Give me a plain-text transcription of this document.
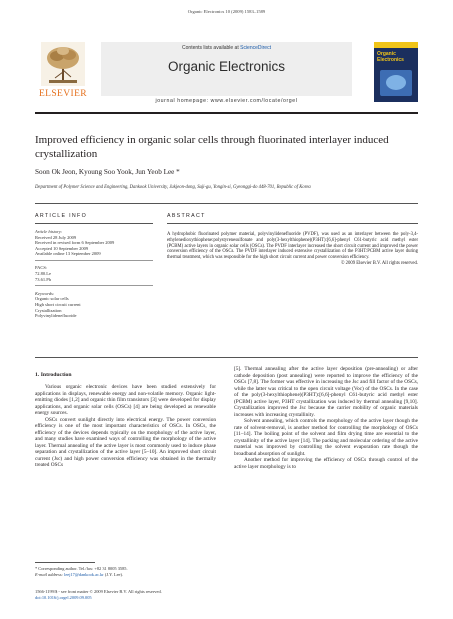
Organic Electronics 10 (2009) 1583–1589
ELSEVIER
Contents lists available at ScienceDirect
Organic Electronics
journal homepage: www.elsevier.com/locate/orgel
Organic Electronics
Improved efficiency in organic solar cells through fluorinated interlayer induced crystallization
Soon Ok Jeon, Kyoung Soo Yook, Jun Yeob Lee *
Department of Polymer Science and Engineering, Dankook University, Jukjeon-dong, Suji-gu, Yongin-si, Gyeonggi-do 448-701, Republic of Korea
ARTICLE INFO	ABSTRACT
Article history:
Received 28 July 2009
Received in revised form 6 September 2009
Accepted 10 September 2009
Available online 13 September 2009
PACS:
72.80.Le
73.61.Ph
Keywords:
Organic solar cells
High short circuit current
Crystallization
Polyvinylidenefluoride

A hydrophobic fluorinated polymer material, polyvinylidenefluoride (PVDF), was used as an interlayer between the poly-3,4-ethylenedioxythiophene:polystyrenesulfonate and poly(3-hexylthiophene)(P3HT):[6,6]-phenyl C61-butyric acid methyl ester (PCBM) active layers in organic solar cells (OSCs). The PVDF interlayer increased the short circuit current and improved the power conversion efficiency of the OSCs. The PVDF interlayer induced extensive crystallization of the P3HT:PCBM active layer during thermal treatment, which was responsible for the high short circuit current and power conversion efficiency.

© 2009 Elsevier B.V. All rights reserved.

1. Introduction

Various organic electronic devices have been studied extensively for applications in displays, renewable energy and non-volatile memory. Organic light-emitting diodes [1,2] and organic thin film transistors [3] were developed for display applications, and organic solar cells (OSCs) [4] are being developed as renewable energy sources.

OSCs convert sunlight directly into electrical energy. The power conversion efficiency is one of the most important characteristics of OSCs. In OSCs, the efficiency of the devices depends typically on the morphology of the active layer, and many studies have examined ways of controlling the morphology of the active layer. Thermal annealing of the active layer is most commonly used to induce phase separation and crystallization of the active layer [5–10]. An improved short circuit current (Jsc) and high power conversion efficiency was obtained in the thermally treated OSCs

[5]. Thermal annealing after the active layer deposition (pre-annealing) or after cathode deposition (post annealing) were reported to improve the efficiency of the OSCs [7,8]. The former was effective in increasing the Jsc and fill factor of the OSCs, while the latter was critical to the open circuit voltage (Voc) of the OSCs. In the case of the poly(3-hexylthiophene)(P3HT):[6,6]-phenyl C61-butyric acid methyl ester (PCBM) active layer, P3HT crystallization was induced by thermal annealing [9,10]. Crystallization improved the Jsc because the carrier mobility of organic materials increases with increasing crystallinity.

Solvent annealing, which controls the morphology of the active layer though the rate of solvent-removal, is another method for controlling the morphology of OSCs [11–14]. The boiling point of the solvent and film drying time are essential to the crystallinity of the active layer [14]. The packing and molecular ordering of the active material was improved by controlling the solvent evaporation rate though the broadband absorption of sunlight.

Another method for improving the efficiency of OSCs through control of the active layer morphology is to

* Corresponding author. Tel./fax: +82 31 8005 3585.
E-mail address: leej17@dankook.ac.kr (J.Y. Lee).
1566-1199/$ - see front matter © 2009 Elsevier B.V. All rights reserved.
doi:10.1016/j.orgel.2009.09.005
